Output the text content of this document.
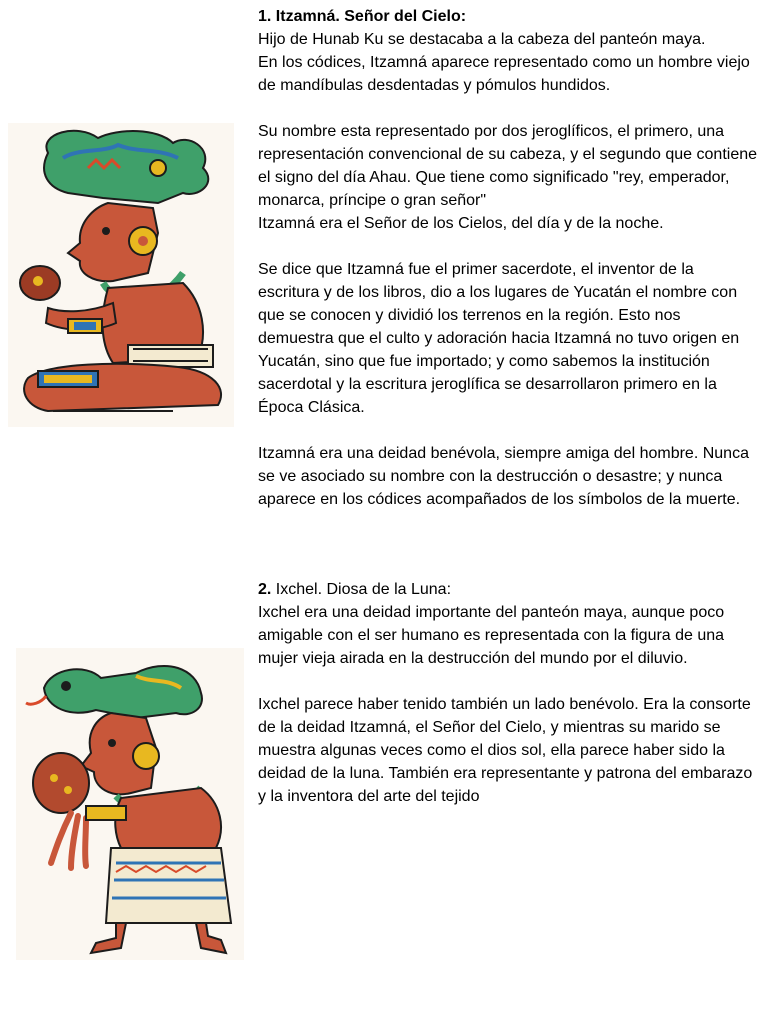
1. Itzamná. Señor del Cielo:
Hijo de Hunab Ku se destacaba a la cabeza del panteón maya.
En los códices, Itzamná aparece representado como un hombre viejo de mandíbulas desdentadas y pómulos hundidos.

Su nombre esta representado por dos jeroglíficos, el primero, una representación convencional de su cabeza, y el segundo que contiene el signo del día Ahau. Que tiene como significado "rey, emperador, monarca, príncipe o gran señor"
Itzamná era el Señor de los Cielos, del día y de la noche.

Se dice que Itzamná fue el primer sacerdote, el inventor de la escritura y de los libros, dio a los lugares de Yucatán el nombre con que se conocen y dividió los terrenos en la región. Esto nos demuestra que el culto y adoración hacia Itzamná no tuvo origen en Yucatán, sino que fue importado; y como sabemos la institución sacerdotal y la escritura jeroglífica se desarrollaron primero en la Época Clásica.

Itzamná era una deidad benévola, siempre amiga del hombre. Nunca se ve asociado su nombre con la destrucción o desastre; y nunca aparece en los códices acompañados de los símbolos de la muerte.

2. Ixchel. Diosa de la Luna:
Ixchel era una deidad importante del panteón maya, aunque poco amigable con el ser humano es representada con la figura de una mujer vieja airada en la destrucción del mundo por el diluvio.

Ixchel parece haber tenido también un lado benévolo. Era la consorte de la deidad Itzamná, el Señor del Cielo, y mientras su marido se muestra algunas veces como el dios sol, ella parece haber sido la deidad de la luna. También era representante y patrona del embarazo y la inventora del arte del tejido
